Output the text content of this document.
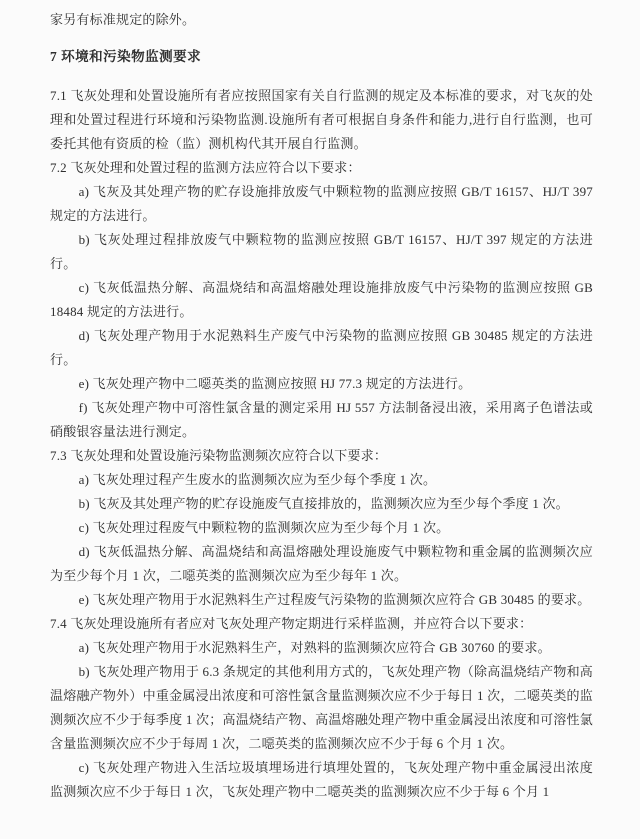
家另有标准规定的除外。

7 环境和污染物监测要求

7.1 飞灰处理和处置设施所有者应按照国家有关自行监测的规定及本标准的要求，对飞灰的处理和处置过程进行环境和污染物监测.设施所有者可根据自身条件和能力,进行自行监测，也可委托其他有资质的检（监）测机构代其开展自行监测。

7.2 飞灰处理和处置过程的监测方法应符合以下要求：

a) 飞灰及其处理产物的贮存设施排放废气中颗粒物的监测应按照 GB/T 16157、HJ/T 397 规定的方法进行。

b) 飞灰处理过程排放废气中颗粒物的监测应按照 GB/T 16157、HJ/T 397 规定的方法进行。

c) 飞灰低温热分解、高温烧结和高温熔融处理设施排放废气中污染物的监测应按照 GB 18484 规定的方法进行。

d) 飞灰处理产物用于水泥熟料生产废气中污染物的监测应按照 GB 30485 规定的方法进行。

e) 飞灰处理产物中二噁英类的监测应按照 HJ 77.3 规定的方法进行。

f) 飞灰处理产物中可溶性氯含量的测定采用 HJ 557 方法制备浸出液，采用离子色谱法或硝酸银容量法进行测定。

7.3 飞灰处理和处置设施污染物监测频次应符合以下要求：

a) 飞灰处理过程产生废水的监测频次应为至少每个季度 1 次。

b) 飞灰及其处理产物的贮存设施废气直接排放的，监测频次应为至少每个季度 1 次。

c) 飞灰处理过程废气中颗粒物的监测频次应为至少每个月 1 次。

d) 飞灰低温热分解、高温烧结和高温熔融处理设施废气中颗粒物和重金属的监测频次应为至少每个月 1 次，二噁英类的监测频次应为至少每年 1 次。

e) 飞灰处理产物用于水泥熟料生产过程废气污染物的监测频次应符合 GB 30485 的要求。

7.4 飞灰处理设施所有者应对飞灰处理产物定期进行采样监测，并应符合以下要求：

a) 飞灰处理产物用于水泥熟料生产，对熟料的监测频次应符合 GB 30760 的要求。

b) 飞灰处理产物用于 6.3 条规定的其他利用方式的，飞灰处理产物（除高温烧结产物和高温熔融产物外）中重金属浸出浓度和可溶性氯含量监测频次应不少于每日 1 次，二噁英类的监测频次应不少于每季度 1 次；高温烧结产物、高温熔融处理产物中重金属浸出浓度和可溶性氯含量监测频次应不少于每周 1 次，二噁英类的监测频次应不少于每 6 个月 1 次。

c) 飞灰处理产物进入生活垃圾填埋场进行填埋处置的，飞灰处理产物中重金属浸出浓度监测频次应不少于每日 1 次，飞灰处理产物中二噁英类的监测频次应不少于每 6 个月 1
